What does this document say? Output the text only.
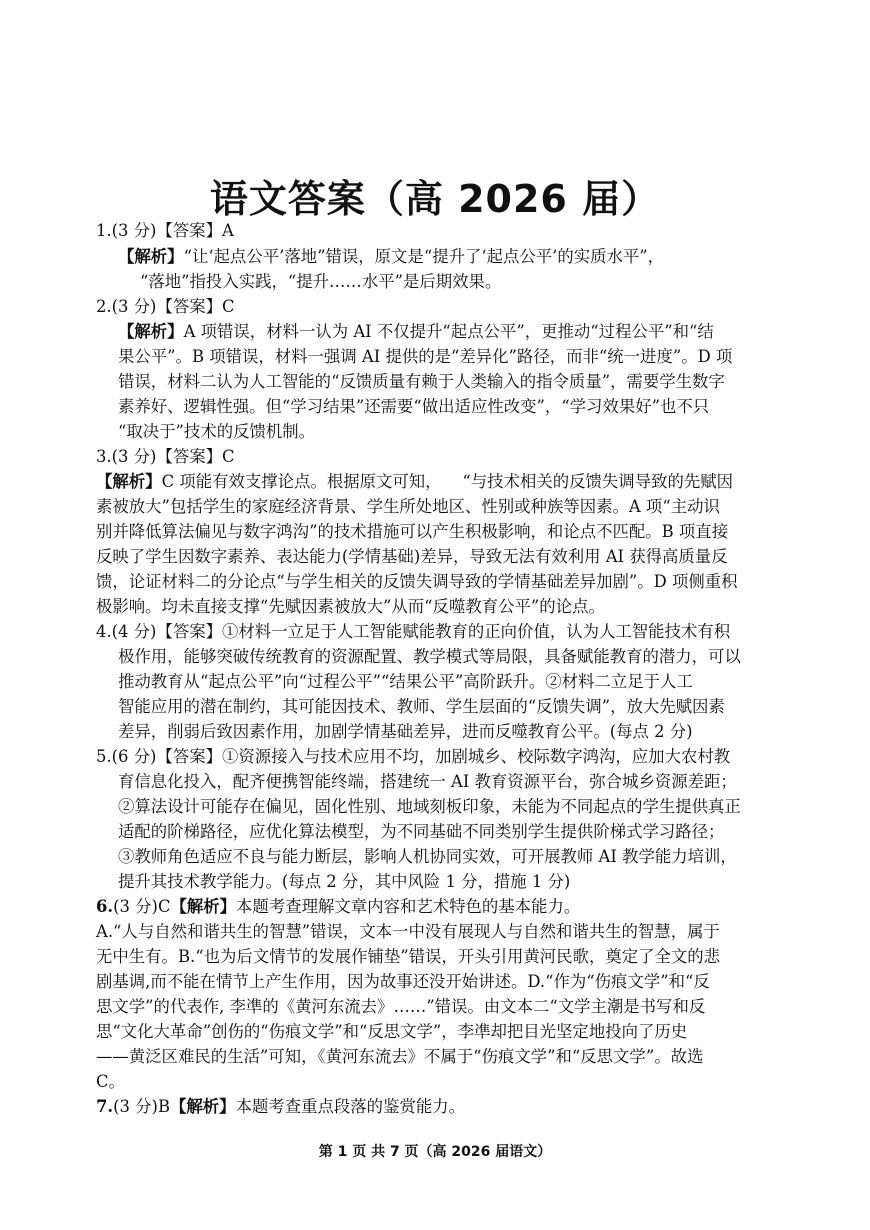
语文答案（高 2026 届）
1.(3 分)【答案】A
【解析】“让‘起点公平’落地”错误，原文是“提升了‘起点公平’的实质水平”，
“落地”指投入实践，“提升……水平”是后期效果。
2.(3 分)【答案】C
【解析】A 项错误，材料一认为 AI 不仅提升“起点公平”，更推动“过程公平”和“结
果公平”。B 项错误，材料一强调 AI 提供的是“差异化”路径，而非“统一进度”。D 项
错误，材料二认为人工智能的“反馈质量有赖于人类输入的指令质量”，需要学生数字
素养好、逻辑性强。但“学习结果”还需要“做出适应性改变”，“学习效果好”也不只
“取决于”技术的反馈机制。
3.(3 分)【答案】C
【解析】C 项能有效支撑论点。根据原文可知，    “与技术相关的反馈失调导致的先赋因
素被放大”包括学生的家庭经济背景、学生所处地区、性别或种族等因素。A 项“主动识
别并降低算法偏见与数字鸿沟”的技术措施可以产生积极影响，和论点不匹配。B 项直接
反映了学生因数字素养、表达能力(学情基础)差异，导致无法有效利用 AI 获得高质量反
馈，论证材料二的分论点“与学生相关的反馈失调导致的学情基础差异加剧”。D 项侧重积
极影响。均未直接支撑“先赋因素被放大”从而“反噬教育公平”的论点。
4.(4 分)【答案】①材料一立足于人工智能赋能教育的正向价值，认为人工智能技术有积
极作用，能够突破传统教育的资源配置、教学模式等局限，具备赋能教育的潜力，可以
推动教育从“起点公平”向“过程公平”“结果公平”高阶跃升。②材料二立足于人工
智能应用的潜在制约，其可能因技术、教师、学生层面的“反馈失调”，放大先赋因素
差异，削弱后致因素作用，加剧学情基础差异，进而反噬教育公平。(每点 2 分)
5.(6 分)【答案】①资源接入与技术应用不均，加剧城乡、校际数字鸿沟，应加大农村教
育信息化投入，配齐便携智能终端，搭建统一 AI 教育资源平台，弥合城乡资源差距；
②算法设计可能存在偏见，固化性别、地域刻板印象，未能为不同起点的学生提供真正
适配的阶梯路径，应优化算法模型，为不同基础不同类别学生提供阶梯式学习路径；
③教师角色适应不良与能力断层，影响人机协同实效，可开展教师 AI 教学能力培训，
提升其技术教学能力。(每点 2 分，其中风险 1 分，措施 1 分)
6.(3 分)C【解析】本题考查理解文章内容和艺术特色的基本能力。
A.“人与自然和谐共生的智慧”错误，文本一中没有展现人与自然和谐共生的智慧，属于
无中生有。B.“也为后文情节的发展作铺垫”错误，开头引用黄河民歌，奠定了全文的悲
剧基调,而不能在情节上产生作用，因为故事还没开始讲述。D.“作为“伤痕文学”和“反
思文学”的代表作, 李凖的《黄河东流去》……”错误。由文本二“文学主潮是书写和反
思“文化大革命”创伤的“伤痕文学”和“反思文学”，李凖却把目光坚定地投向了历史
——黄泛区难民的生活”可知，《黄河东流去》不属于“伤痕文学”和“反思文学”。故选
C。
7.(3 分)B【解析】本题考查重点段落的鉴赏能力。
第 1 页 共 7 页（高 2026 届语文）
